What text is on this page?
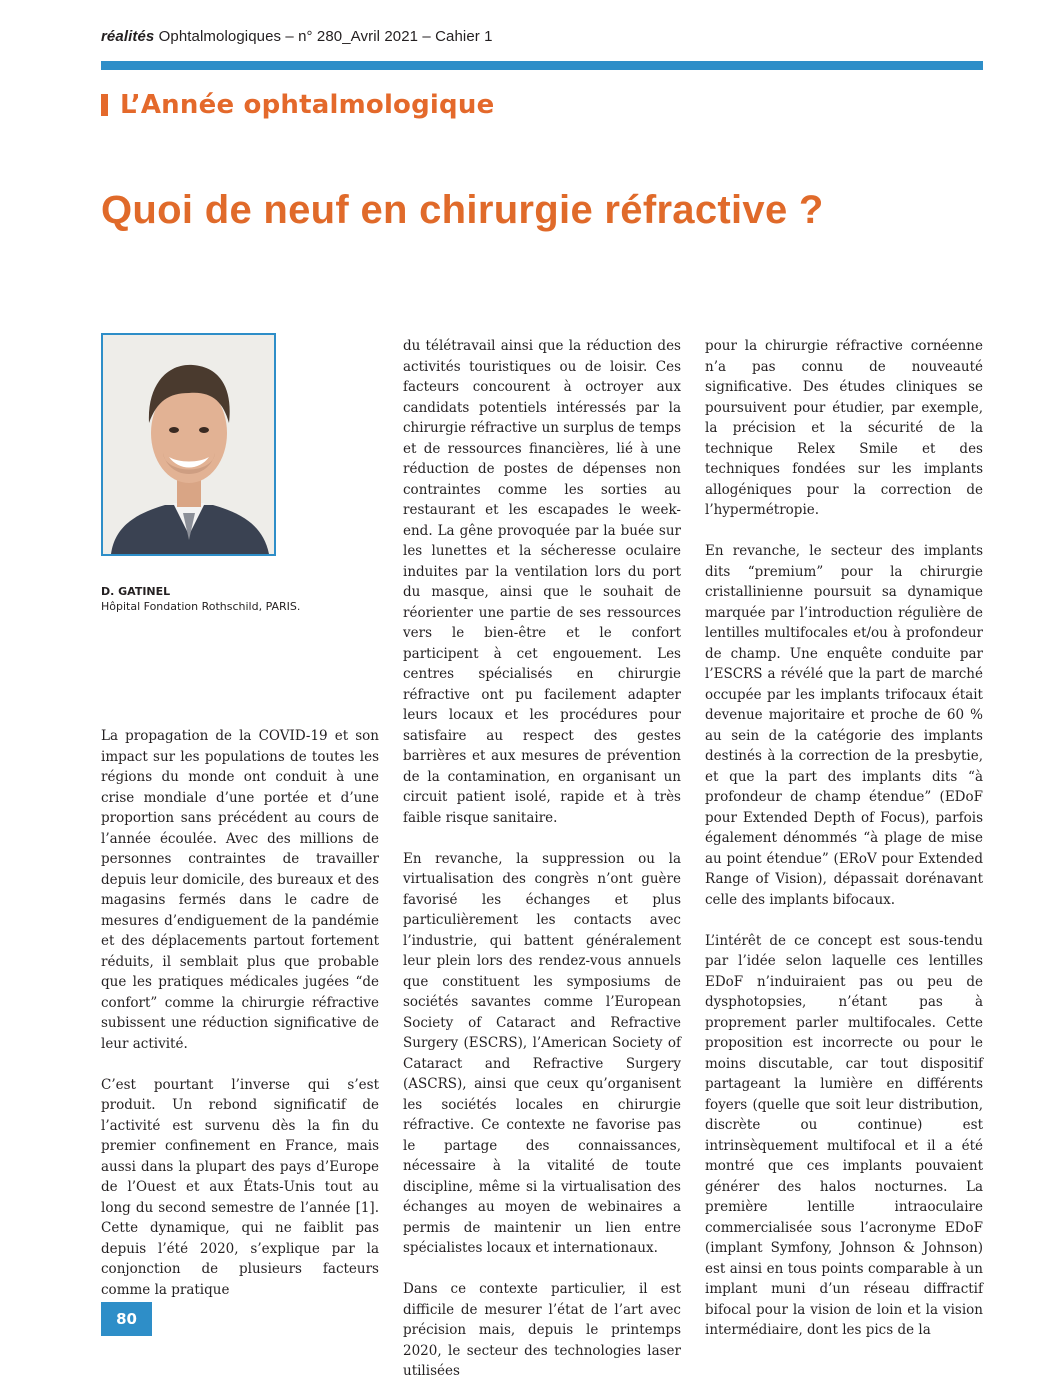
réalités Ophtalmologiques – n° 280_Avril 2021 – Cahier 1
L’Année ophtalmologique
Quoi de neuf en chirurgie réfractive ?
D. GATINEL
Hôpital Fondation Rothschild, PARIS.

La propagation de la COVID-19 et son impact sur les populations de toutes les régions du monde ont conduit à une crise mondiale d’une portée et d’une proportion sans précédent au cours de l’année écoulée. Avec des millions de personnes contraintes de travailler depuis leur domicile, des bureaux et des magasins fermés dans le cadre de mesures d’endiguement de la pandémie et des déplacements partout fortement réduits, il semblait plus que probable que les pratiques médicales jugées “de confort” comme la chirurgie réfractive subissent une réduction significative de leur activité.

C’est pourtant l’inverse qui s’est produit. Un rebond significatif de l’activité est survenu dès la fin du premier confinement en France, mais aussi dans la plupart des pays d’Europe de l’Ouest et aux États-Unis tout au long du second semestre de l’année [1]. Cette dynamique, qui ne faiblit pas depuis l’été 2020, s’explique par la conjonction de plusieurs facteurs comme la pratique

du télétravail ainsi que la réduction des activités touristiques ou de loisir. Ces facteurs concourent à octroyer aux candidats potentiels intéressés par la chirurgie réfractive un surplus de temps et de ressources financières, lié à une réduction de postes de dépenses non contraintes comme les sorties au restaurant et les escapades le week-end. La gêne provoquée par la buée sur les lunettes et la sécheresse oculaire induites par la ventilation lors du port du masque, ainsi que le souhait de réorienter une partie de ses ressources vers le bien-être et le confort participent à cet engouement. Les centres spécialisés en chirurgie réfractive ont pu facilement adapter leurs locaux et les procédures pour satisfaire au respect des gestes barrières et aux mesures de prévention de la contamination, en organisant un circuit patient isolé, rapide et à très faible risque sanitaire.

En revanche, la suppression ou la virtualisation des congrès n’ont guère favorisé les échanges et plus particulièrement les contacts avec l’industrie, qui battent généralement leur plein lors des rendez-vous annuels que constituent les symposiums de sociétés savantes comme l’European Society of Cataract and Refractive Surgery (ESCRS), l’American Society of Cataract and Refractive Surgery (ASCRS), ainsi que ceux qu’organisent les sociétés locales en chirurgie réfractive. Ce contexte ne favorise pas le partage des connaissances, nécessaire à la vitalité de toute discipline, même si la virtualisation des échanges au moyen de webinaires a permis de maintenir un lien entre spécialistes locaux et internationaux.

Dans ce contexte particulier, il est difficile de mesurer l’état de l’art avec précision mais, depuis le printemps 2020, le secteur des technologies laser utilisées

pour la chirurgie réfractive cornéenne n’a pas connu de nouveauté significative. Des études cliniques se poursuivent pour étudier, par exemple, la précision et la sécurité de la technique Relex Smile et des techniques fondées sur les implants allogéniques pour la correction de l’hypermétropie.

En revanche, le secteur des implants dits “premium” pour la chirurgie cristallinienne poursuit sa dynamique marquée par l’introduction régulière de lentilles multifocales et/ou à profondeur de champ. Une enquête conduite par l’ESCRS a révélé que la part de marché occupée par les implants trifocaux était devenue majoritaire et proche de 60 % au sein de la catégorie des implants destinés à la correction de la presbytie, et que la part des implants dits “à profondeur de champ étendue” (EDoF pour Extended Depth of Focus), parfois également dénommés “à plage de mise au point étendue” (ERoV pour Extended Range of Vision), dépassait dorénavant celle des implants bifocaux.

L’intérêt de ce concept est sous-tendu par l’idée selon laquelle ces lentilles EDoF n’induiraient pas ou peu de dysphotopsies, n’étant pas à proprement parler multifocales. Cette proposition est incorrecte ou pour le moins discutable, car tout dispositif partageant la lumière en différents foyers (quelle que soit leur distribution, discrète ou continue) est intrinsèquement multifocal et il a été montré que ces implants pouvaient générer des halos nocturnes. La première lentille intraoculaire commercialisée sous l’acronyme EDoF (implant Symfony, Johnson & Johnson) est ainsi en tous points comparable à un implant muni d’un réseau diffractif bifocal pour la vision de loin et la vision intermédiaire, dont les pics de la

80
